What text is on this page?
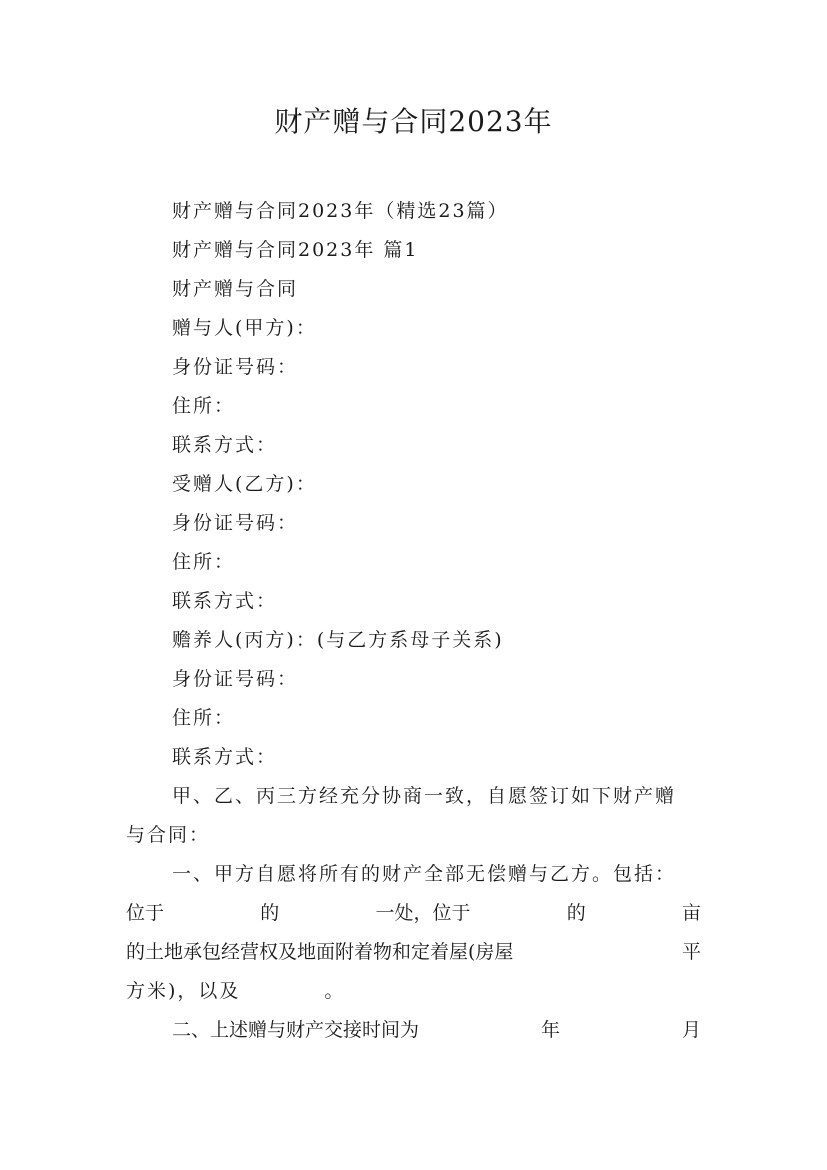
财产赠与合同2023年
财产赠与合同2023年（精选23篇）
财产赠与合同2023年 篇1
财产赠与合同
赠与人(甲方)：
身份证号码：
住所：
联系方式：
受赠人(乙方)：
身份证号码：
住所：
联系方式：
赡养人(丙方)：(与乙方系母子关系)
身份证号码：
住所：
联系方式：
甲、乙、丙三方经充分协商一致，自愿签订如下财产赠
与合同：
一、甲方自愿将所有的财产全部无偿赠与乙方。包括：
位于	的	一处，位于	的	亩
的土地承包经营权及地面附着物和定着屋(房屋	平
方米)，以及　　　　。
二、上述赠与财产交接时间为	年	月
